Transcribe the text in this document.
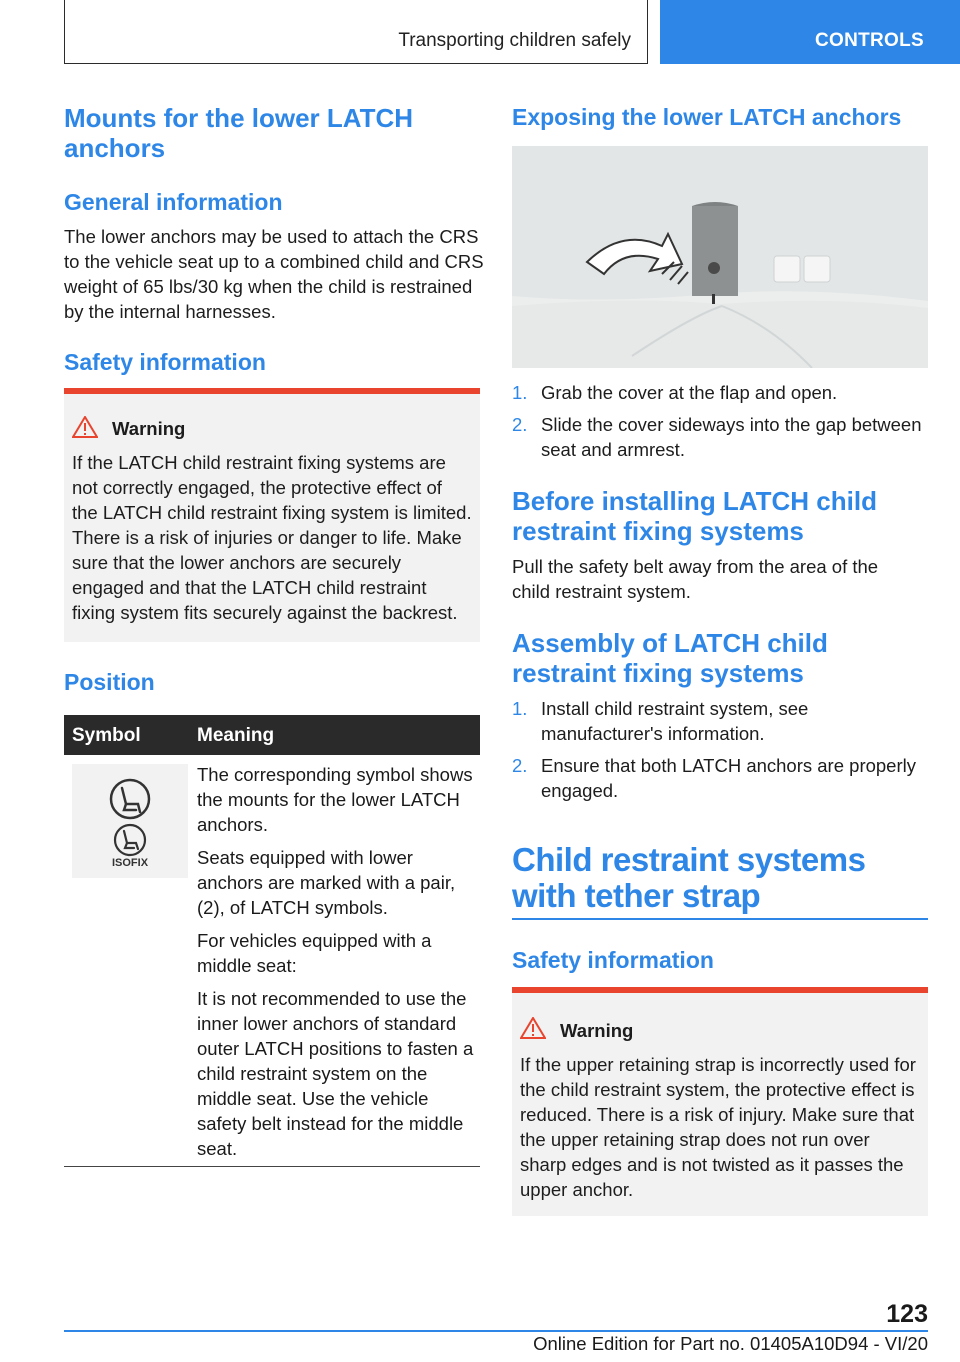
Transporting children safely	CONTROLS
Mounts for the lower LATCH anchors
General information

The lower anchors may be used to attach the CRS to the vehicle seat up to a combined child and CRS weight of 65 lbs/30 kg when the child is restrained by the internal harnesses.

Safety information
Warning
If the LATCH child restraint fixing systems are not correctly engaged, the protective effect of the LATCH child restraint fixing system is limited. There is a risk of injuries or danger to life. Make sure that the lower anchors are securely engaged and that the LATCH child restraint fixing system fits securely against the backrest.
Position
Symbol	Meaning
ISOFIX

The corresponding symbol shows the mounts for the lower LATCH anchors.

Seats equipped with lower anchors are marked with a pair, (2), of LATCH symbols.

For vehicles equipped with a middle seat:

It is not recommended to use the inner lower anchors of standard outer LATCH positions to fasten a child restraint system on the middle seat. Use the vehicle safety belt instead for the middle seat.

Exposing the lower LATCH anchors
1. Grab the cover at the flap and open.
2. Slide the cover sideways into the gap between seat and armrest.
Before installing LATCH child restraint fixing systems

Pull the safety belt away from the area of the child restraint system.

Assembly of LATCH child restraint fixing systems
1. Install child restraint system, see manufacturer's information.
2. Ensure that both LATCH anchors are properly engaged.
Child restraint systems with tether strap
Safety information
Warning
If the upper retaining strap is incorrectly used for the child restraint system, the protective effect is reduced. There is a risk of injury. Make sure that the upper retaining strap does not run over sharp edges and is not twisted as it passes the upper anchor.
123
Online Edition for Part no. 01405A10D94 - VI/20
